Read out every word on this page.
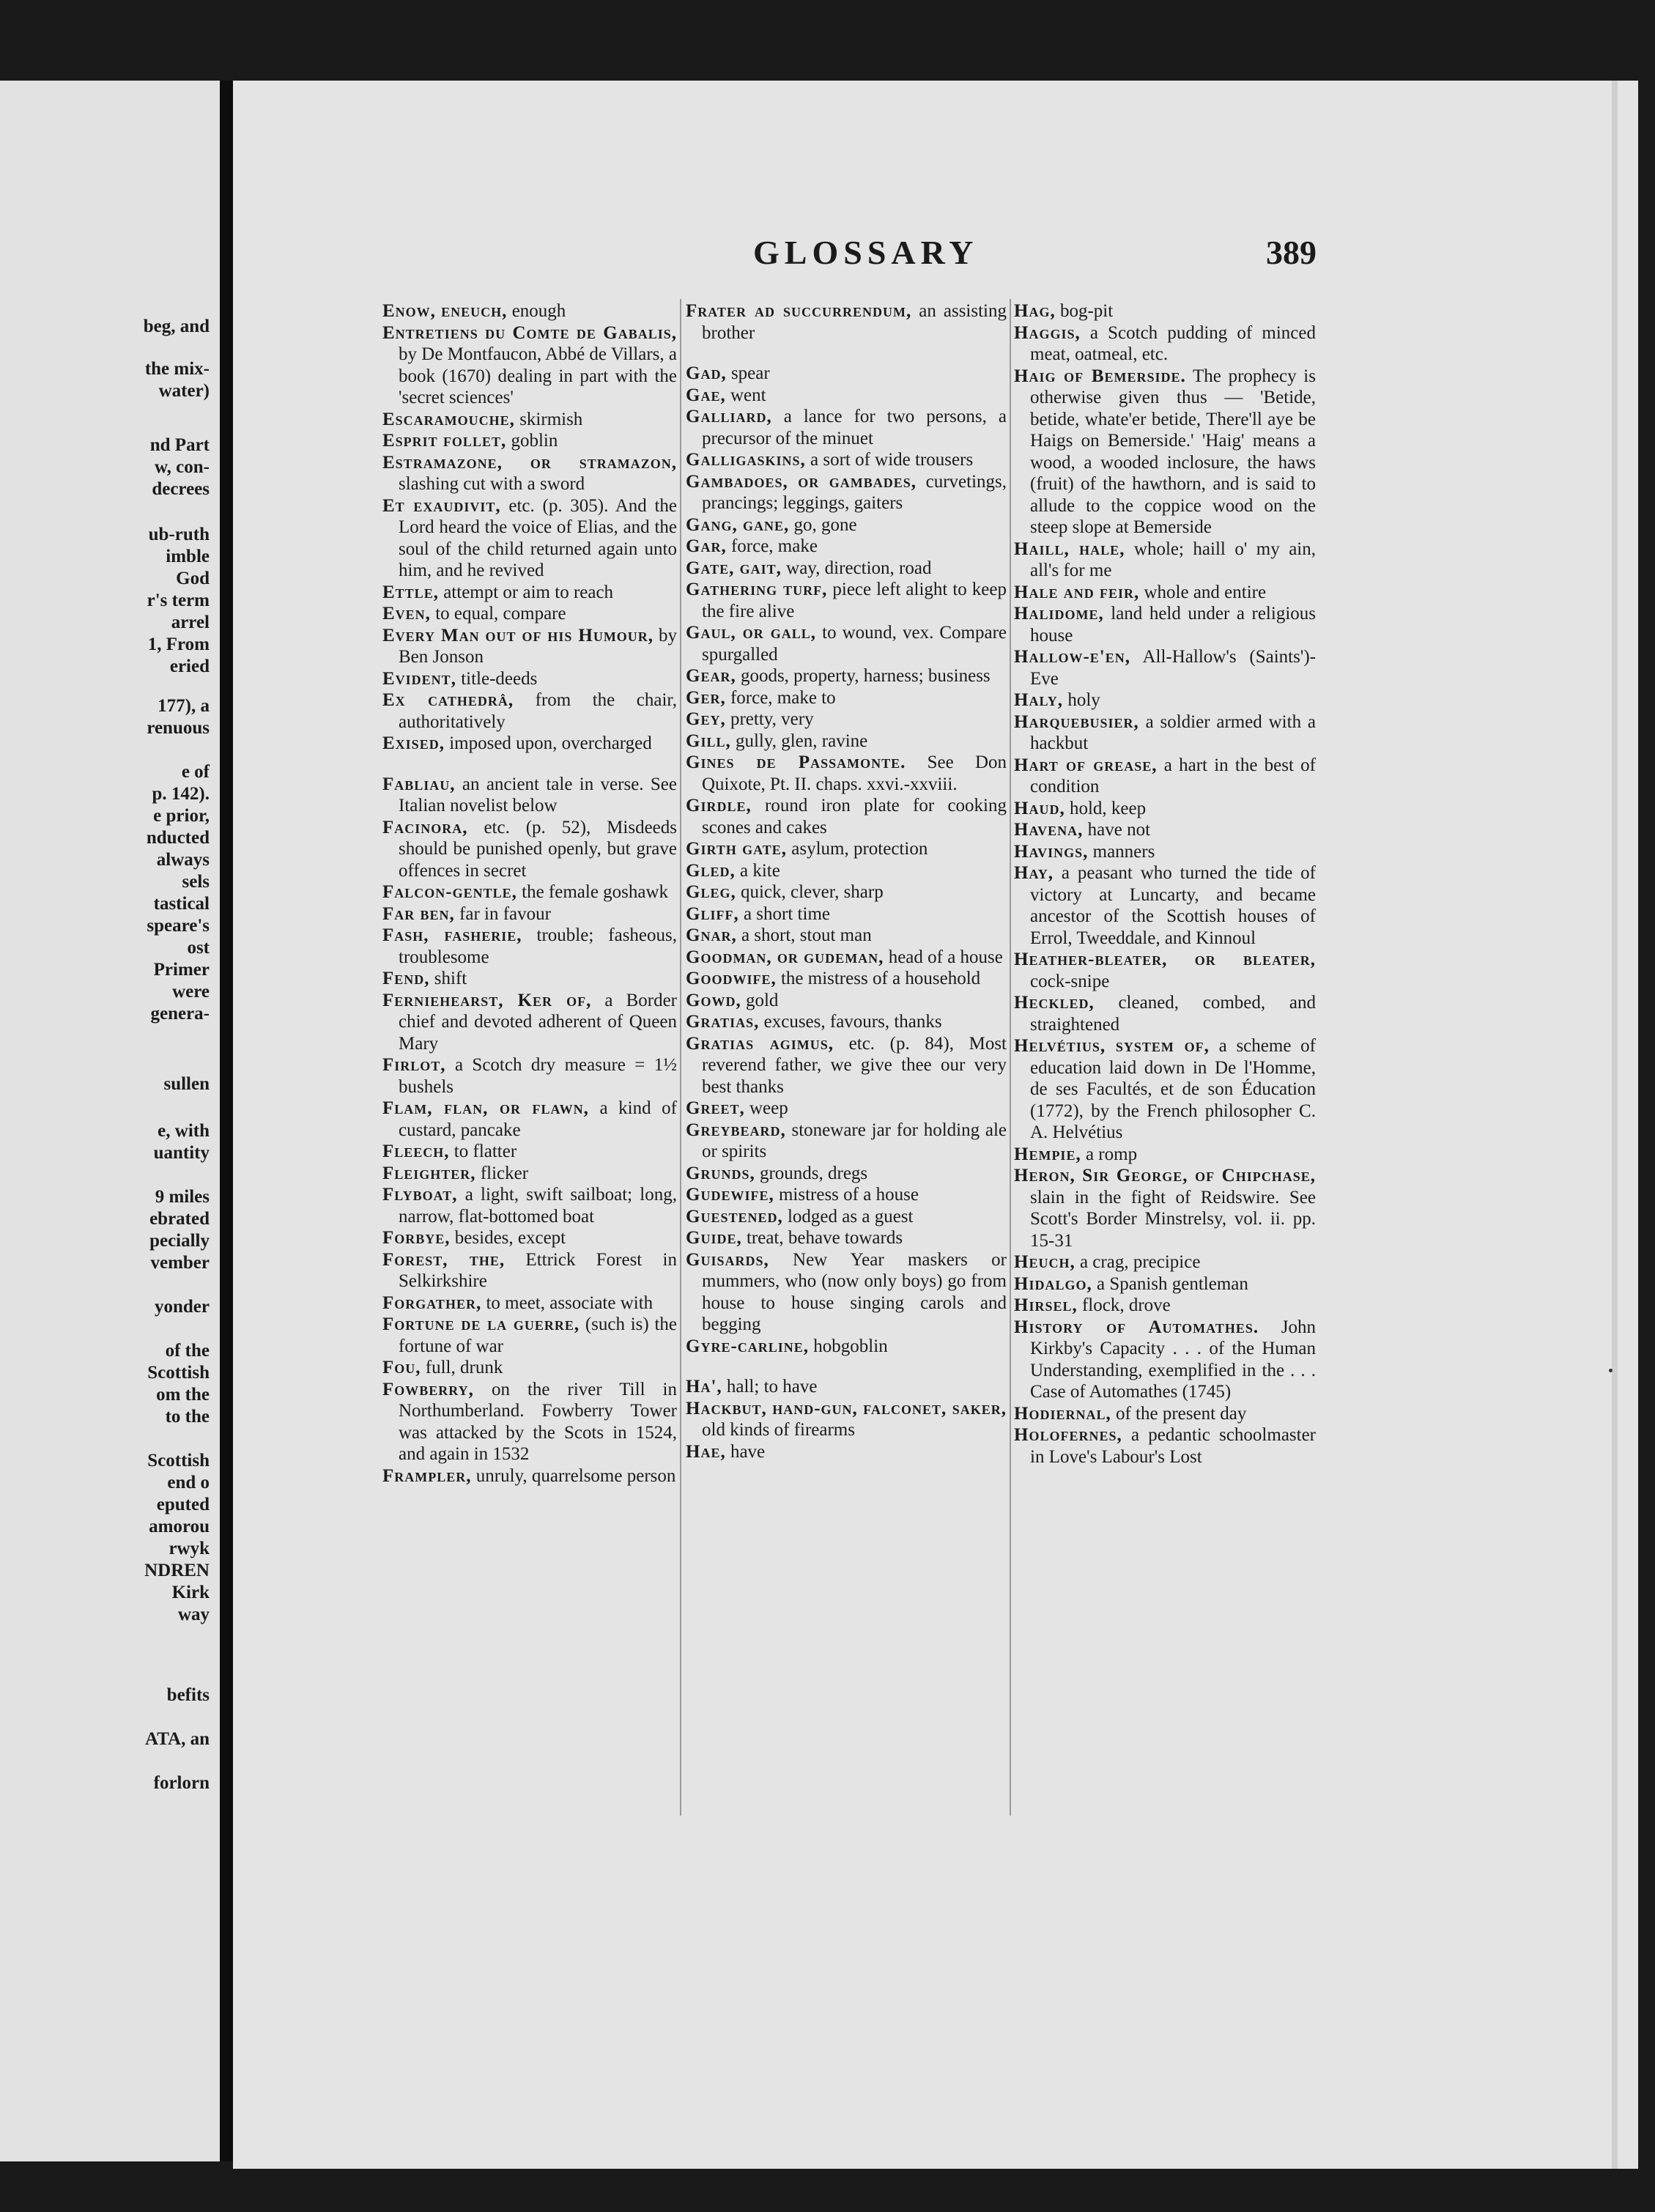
beg, and
the mix-
water)
nd Part
w, con-
decrees
ub-ruth
imble
God
r's term
arrel
1, From
eried
177), a
renuous
e of
p. 142).
e prior,
nducted
always
sels
tastical
speare's
ost
Primer
were
genera-
sullen
e, with
uantity
9 miles
ebrated
pecially
vember
yonder
of the
Scottish
om the
to the
Scottish
end o
eputed
amorou
rwyk
NDREN
Kirk
way
befits
ATA, an
forlorn
GLOSSARY	389

Enow, eneuch, enough

Entretiens du Comte de Gabalis, by De Montfaucon, Abbé de Villars, a book (1670) dealing in part with the 'secret sciences'

Escaramouche, skirmish

Esprit follet, goblin

Estramazone, or stramazon, slashing cut with a sword

Et exaudivit, etc. (p. 305). And the Lord heard the voice of Elias, and the soul of the child returned again unto him, and he revived

Ettle, attempt or aim to reach

Even, to equal, compare

Every Man out of his Humour, by Ben Jonson

Evident, title-deeds

Ex cathedrâ, from the chair, authoritatively

Exised, imposed upon, overcharged

Fabliau, an ancient tale in verse. See Italian novelist below

Facinora, etc. (p. 52), Misdeeds should be punished openly, but grave offences in secret

Falcon-gentle, the female goshawk

Far ben, far in favour

Fash, fasherie, trouble; fasheous, troublesome

Fend, shift

Ferniehearst, Ker of, a Border chief and devoted adherent of Queen Mary

Firlot, a Scotch dry measure = 1½ bushels

Flam, flan, or flawn, a kind of custard, pancake

Fleech, to flatter

Fleighter, flicker

Flyboat, a light, swift sailboat; long, narrow, flat-bottomed boat

Forbye, besides, except

Forest, the, Ettrick Forest in Selkirkshire

Forgather, to meet, associate with

Fortune de la guerre, (such is) the fortune of war

Fou, full, drunk

Fowberry, on the river Till in Northumberland. Fowberry Tower was attacked by the Scots in 1524, and again in 1532

Frampler, unruly, quarrelsome person

Frater ad succurrendum, an assisting brother

Gad, spear

Gae, went

Galliard, a lance for two persons, a precursor of the minuet

Galligaskins, a sort of wide trousers

Gambadoes, or gambades, curvetings, prancings; leggings, gaiters

Gang, gane, go, gone

Gar, force, make

Gate, gait, way, direction, road

Gathering turf, piece left alight to keep the fire alive

Gaul, or gall, to wound, vex. Compare spurgalled

Gear, goods, property, harness; business

Ger, force, make to

Gey, pretty, very

Gill, gully, glen, ravine

Gines de Passamonte. See Don Quixote, Pt. II. chaps. xxvi.-xxviii.

Girdle, round iron plate for cooking scones and cakes

Girth gate, asylum, protection

Gled, a kite

Gleg, quick, clever, sharp

Gliff, a short time

Gnar, a short, stout man

Goodman, or gudeman, head of a house

Goodwife, the mistress of a household

Gowd, gold

Gratias, excuses, favours, thanks

Gratias agimus, etc. (p. 84), Most reverend father, we give thee our very best thanks

Greet, weep

Greybeard, stoneware jar for holding ale or spirits

Grunds, grounds, dregs

Gudewife, mistress of a house

Guestened, lodged as a guest

Guide, treat, behave towards

Guisards, New Year maskers or mummers, who (now only boys) go from house to house singing carols and begging

Gyre-carline, hobgoblin

Ha', hall; to have

Hackbut, hand-gun, falconet, saker, old kinds of firearms

Hae, have

Hag, bog-pit

Haggis, a Scotch pudding of minced meat, oatmeal, etc.

Haig of Bemerside. The prophecy is otherwise given thus — 'Betide, betide, whate'er betide, There'll aye be Haigs on Bemerside.' 'Haig' means a wood, a wooded inclosure, the haws (fruit) of the hawthorn, and is said to allude to the coppice wood on the steep slope at Bemerside

Haill, hale, whole; haill o' my ain, all's for me

Hale and feir, whole and entire

Halidome, land held under a religious house

Hallow-e'en, All-Hallow's (Saints')-Eve

Haly, holy

Harquebusier, a soldier armed with a hackbut

Hart of grease, a hart in the best of condition

Haud, hold, keep

Havena, have not

Havings, manners

Hay, a peasant who turned the tide of victory at Luncarty, and became ancestor of the Scottish houses of Errol, Tweeddale, and Kinnoul

Heather-bleater, or bleater, cock-snipe

Heckled, cleaned, combed, and straightened

Helvétius, system of, a scheme of education laid down in De l'Homme, de ses Facultés, et de son Éducation (1772), by the French philosopher C. A. Helvétius

Hempie, a romp

Heron, Sir George, of Chipchase, slain in the fight of Reidswire. See Scott's Border Minstrelsy, vol. ii. pp. 15-31

Heuch, a crag, precipice

Hidalgo, a Spanish gentleman

Hirsel, flock, drove

History of Automathes. John Kirkby's Capacity . . . of the Human Understanding, exemplified in the . . . Case of Automathes (1745)

Hodiernal, of the present day

Holofernes, a pedantic schoolmaster in Love's Labour's Lost
